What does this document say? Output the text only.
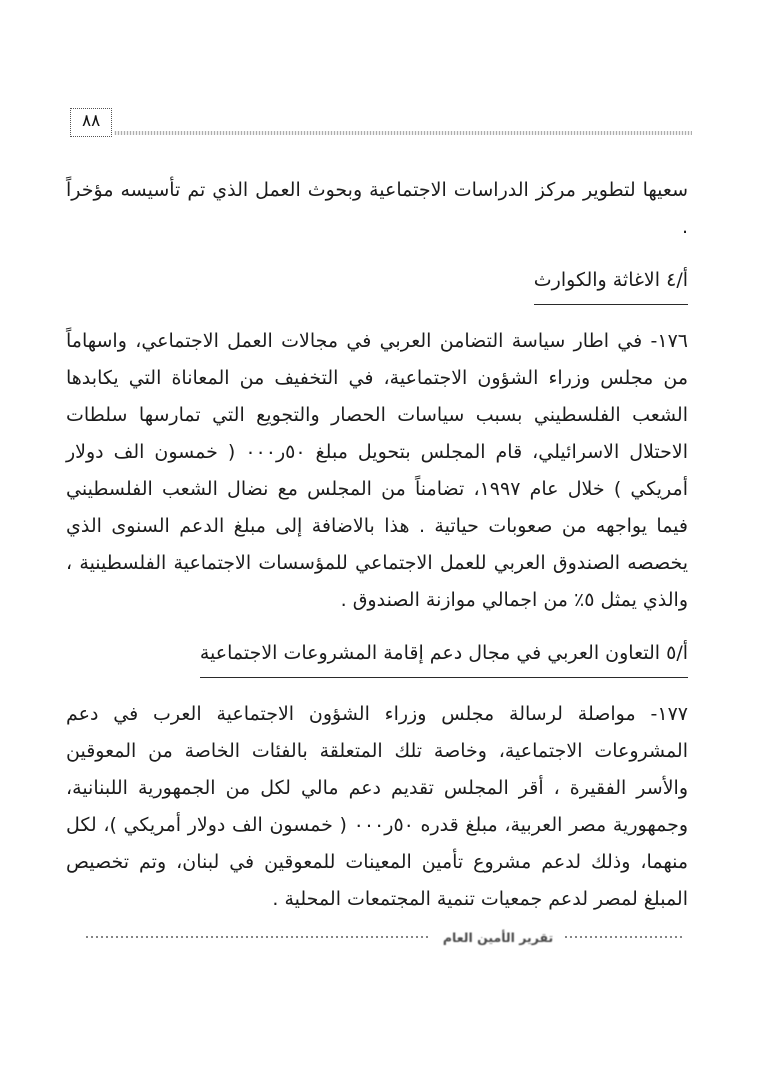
٨٨

سعيها لتطوير مركز الدراسات الاجتماعية وبحوث العمل الذي تم تأسيسه مؤخراً .

أ/٤ الاغاثة والكوارث

١٧٦- في اطار سياسة التضامن العربي في مجالات العمل الاجتماعي، واسهاماً من مجلس وزراء الشؤون الاجتماعية، في التخفيف من المعاناة التي يكابدها الشعب الفلسطيني بسبب سياسات الحصار والتجويع التي تمارسها سلطات الاحتلال الاسرائيلي، قام المجلس بتحويل مبلغ ٥٠ر٠٠٠ ( خمسون الف دولار أمريكي ) خلال عام ١٩٩٧، تضامناً من المجلس مع نضال الشعب الفلسطيني فيما يواجهه من صعوبات حياتية . هذا بالاضافة إلى مبلغ الدعم السنوى الذي يخصصه الصندوق العربي للعمل الاجتماعي للمؤسسات الاجتماعية الفلسطينية ، والذي يمثل ٥٪ من اجمالي موازنة الصندوق .

أ/٥ التعاون العربي في مجال دعم إقامة المشروعات الاجتماعية

١٧٧- مواصلة لرسالة مجلس وزراء الشؤون الاجتماعية العرب في دعم المشروعات الاجتماعية، وخاصة تلك المتعلقة بالفئات الخاصة من المعوقين والأسر الفقيرة ، أقر المجلس تقديم دعم مالي لكل من الجمهورية اللبنانية، وجمهورية مصر العربية، مبلغ قدره ٥٠ر٠٠٠ ( خمسون الف دولار أمريكي )، لكل منهما، وذلك لدعم مشروع تأمين المعينات للمعوقين في لبنان، وتم تخصيص المبلغ لمصر لدعم جمعيات تنمية المجتمعات المحلية .

تقرير الأمين العام
